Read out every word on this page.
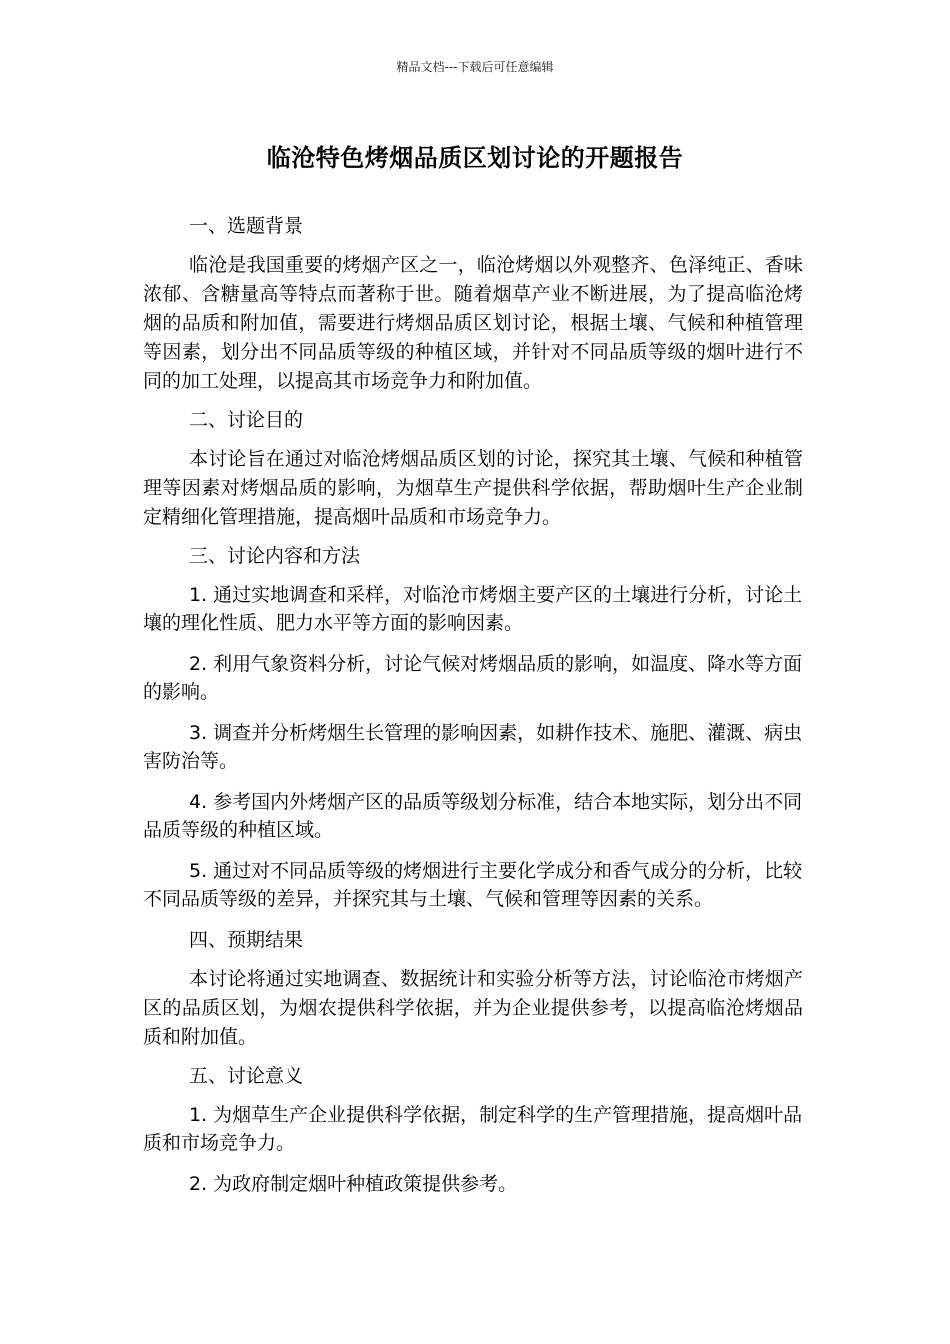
精品文档---下载后可任意编辑
临沧特色烤烟品质区划讨论的开题报告
一、选题背景

临沧是我国重要的烤烟产区之一，临沧烤烟以外观整齐、色泽纯正、香味浓郁、含糖量高等特点而著称于世。随着烟草产业不断进展，为了提高临沧烤烟的品质和附加值，需要进行烤烟品质区划讨论，根据土壤、气候和种植管理等因素，划分出不同品质等级的种植区域，并针对不同品质等级的烟叶进行不同的加工处理，以提高其市场竞争力和附加值。

二、讨论目的

本讨论旨在通过对临沧烤烟品质区划的讨论，探究其土壤、气候和种植管理等因素对烤烟品质的影响，为烟草生产提供科学依据，帮助烟叶生产企业制定精细化管理措施，提高烟叶品质和市场竞争力。

三、讨论内容和方法

1. 通过实地调查和采样，对临沧市烤烟主要产区的土壤进行分析，讨论土壤的理化性质、肥力水平等方面的影响因素。

2. 利用气象资料分析，讨论气候对烤烟品质的影响，如温度、降水等方面的影响。

3. 调查并分析烤烟生长管理的影响因素，如耕作技术、施肥、灌溉、病虫害防治等。

4. 参考国内外烤烟产区的品质等级划分标准，结合本地实际，划分出不同品质等级的种植区域。

5. 通过对不同品质等级的烤烟进行主要化学成分和香气成分的分析，比较不同品质等级的差异，并探究其与土壤、气候和管理等因素的关系。

四、预期结果

本讨论将通过实地调查、数据统计和实验分析等方法，讨论临沧市烤烟产区的品质区划，为烟农提供科学依据，并为企业提供参考，以提高临沧烤烟品质和附加值。

五、讨论意义

1. 为烟草生产企业提供科学依据，制定科学的生产管理措施，提高烟叶品质和市场竞争力。

2. 为政府制定烟叶种植政策提供参考。
